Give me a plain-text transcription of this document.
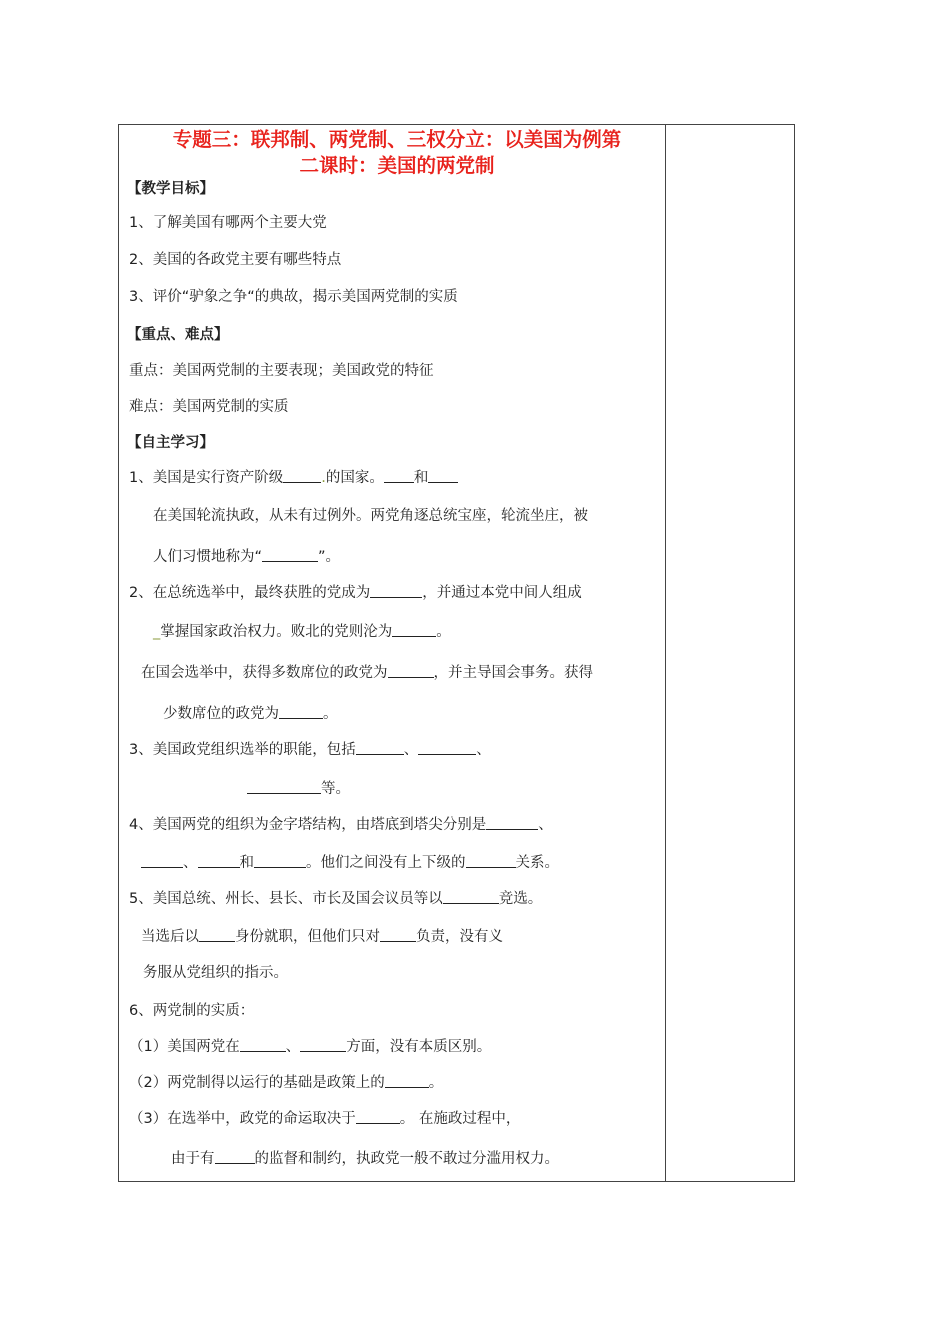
专题三：联邦制、两党制、三权分立：以美国为例第
二课时：美国的两党制
【教学目标】
1、了解美国有哪两个主要大党
2、美国的各政党主要有哪些特点
3、评价“驴象之争“的典故，揭示美国两党制的实质
【重点、难点】
重点：美国两党制的主要表现；美国政党的特征
难点：美国两党制的实质
【自主学习】
1、美国是实行资产阶级	.的国家。 和
在美国轮流执政，从未有过例外。两党角逐总统宝座，轮流坐庄，被
人们习惯地称为“	”。
2、在总统选举中，最终获胜的党成为	，并通过本党中间人组成
_掌握国家政治权力。败北的党则沦为	。
在国会选举中，获得多数席位的政党为	，并主导国会事务。获得
少数席位的政党为	。
3、美国政党组织选举的职能，包括	、	、
等。
4、美国两党的组织为金字塔结构，由塔底到塔尖分别是	、
、	和	。他们之间没有上下级的	关系。
5、美国总统、州长、县长、市长及国会议员等以	竞选。
当选后以 身份就职，但他们只对 负责，没有义
务服从党组织的指示。
6、两党制的实质：
（1）美国两党在	、	方面，没有本质区别。
（2）两党制得以运行的基础是政策上的	。
（3）在选举中，政党的命运取决于	。 在施政过程中，
由于有	的监督和制约，执政党一般不敢过分滥用权力。
